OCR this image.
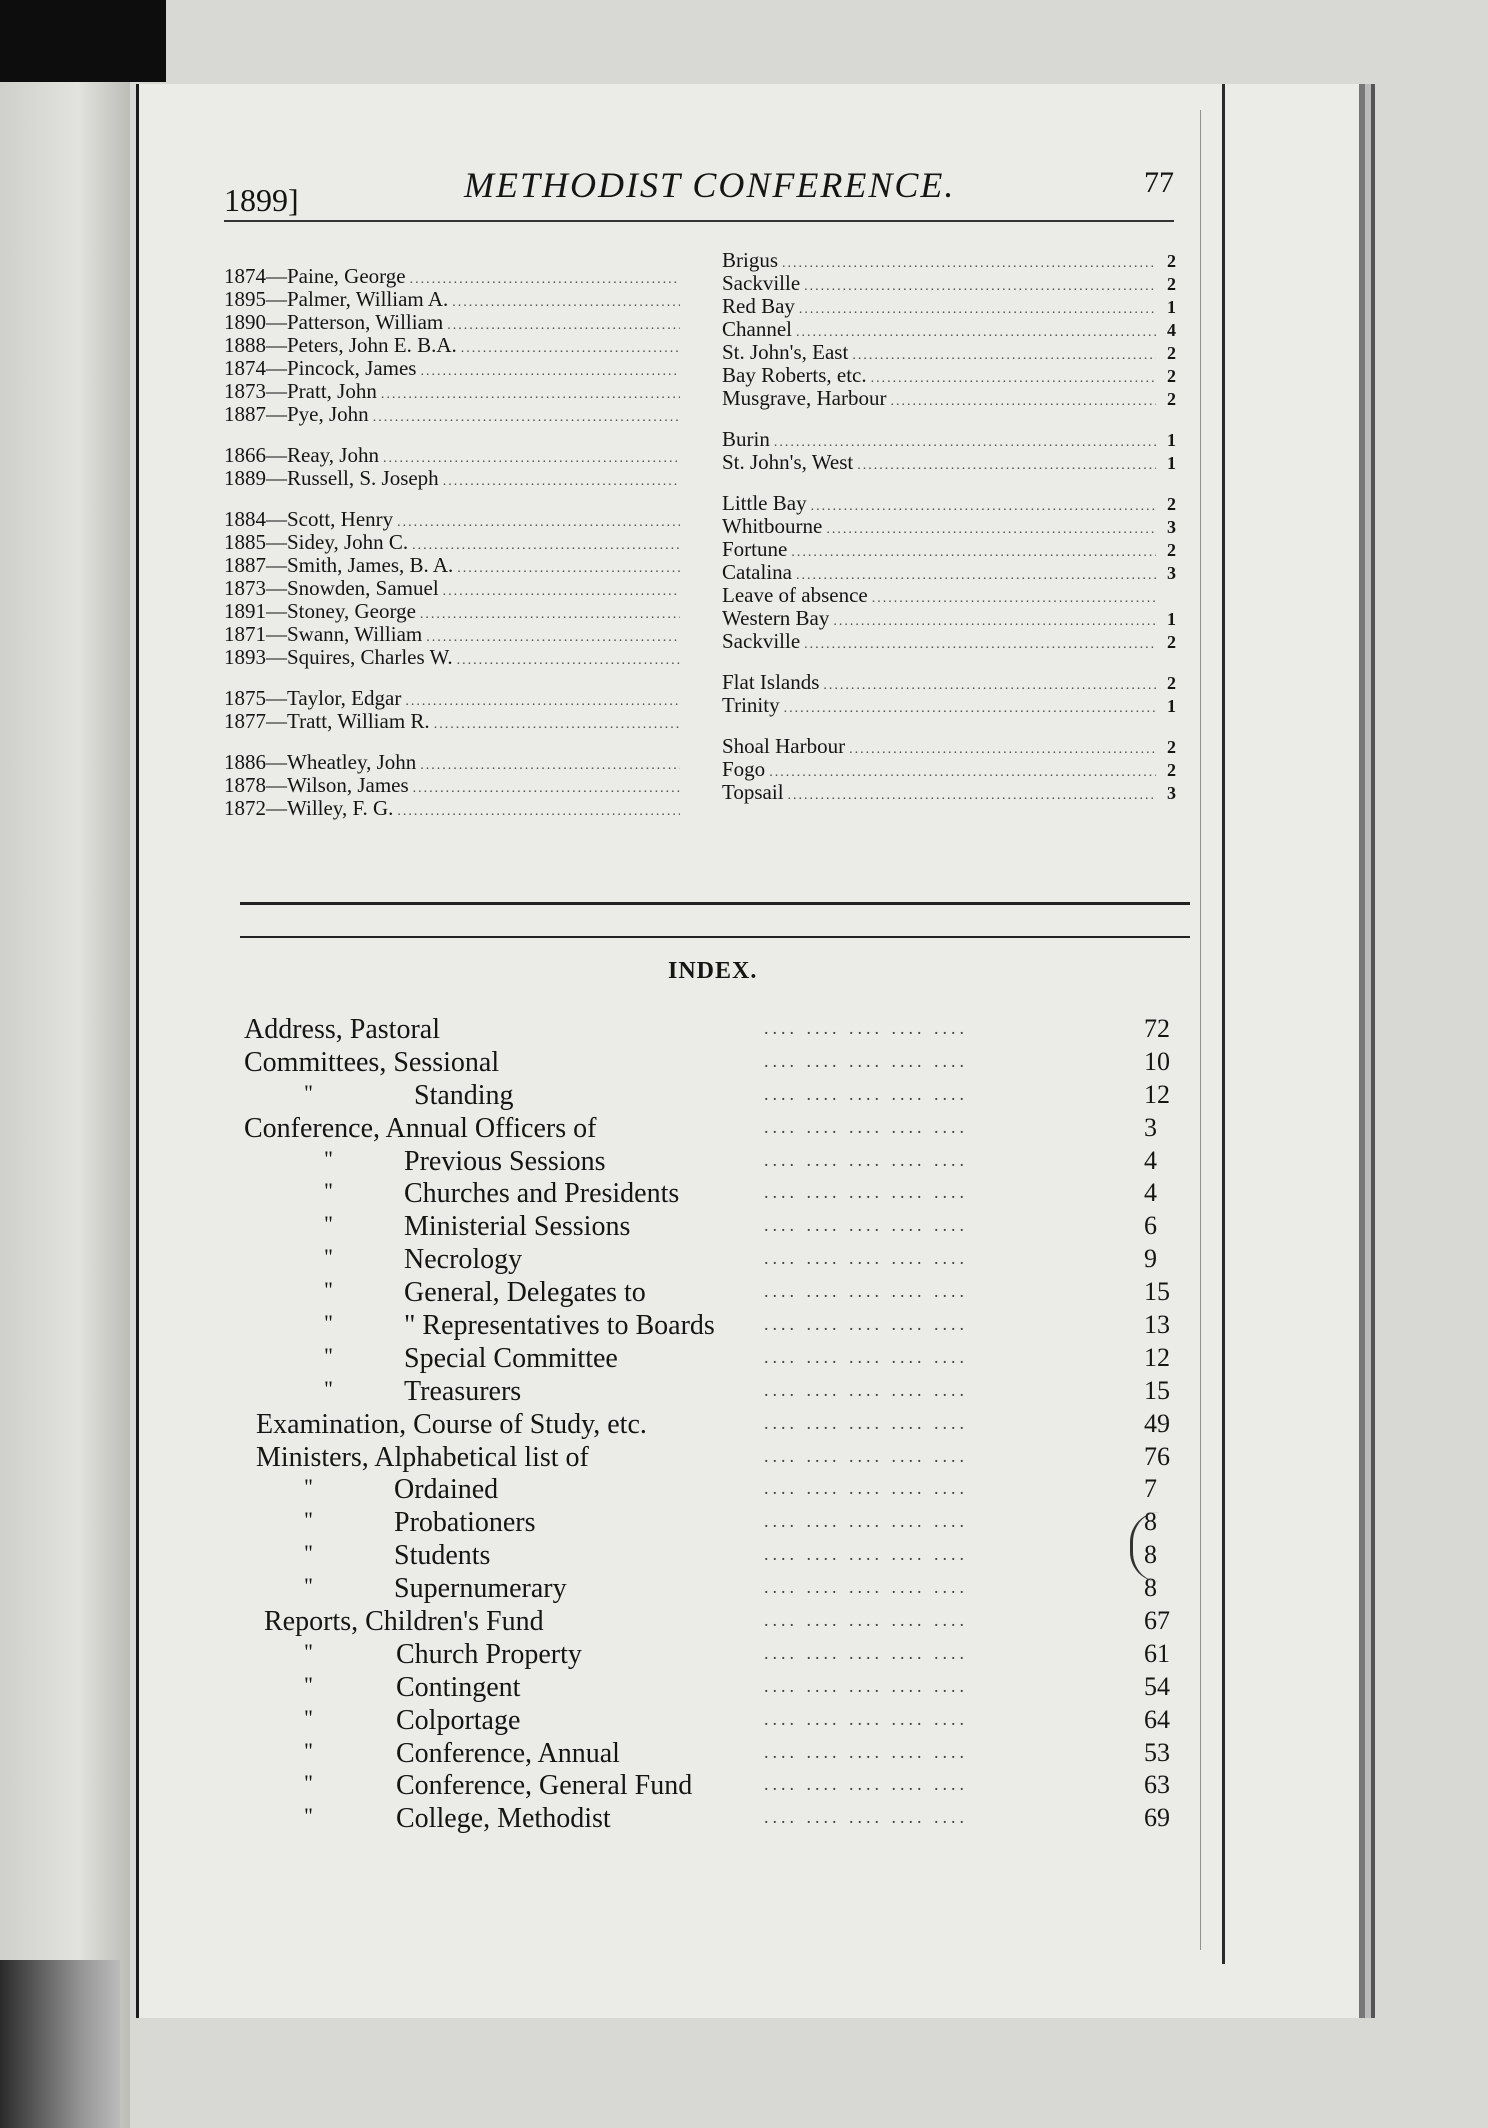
1899]	METHODIST CONFERENCE.	77
1874—Paine, George
.....
1895—Palmer, William A.
.....
1890—Patterson, William
.....
1888—Peters, John E. B.A.
.....
1874—Pincock, James
.....
1873—Pratt, John
.....
1887—Pye, John
.....
1866—Reay, John
.....
1889—Russell, S. Joseph
.....
1884—Scott, Henry
.....
1885—Sidey, John C.
.....
1887—Smith, James, B. A.
.....
1873—Snowden, Samuel
.....
1891—Stoney, George
.....
1871—Swann, William
.....
1893—Squires, Charles W.
.....
1875—Taylor, Edgar
.....
1877—Tratt, William R.
.....
1886—Wheatley, John
.....
1878—Wilson, James
.....
1872—Willey, F. G.
.....
Brigus .....	2
Sackville .....	2
Red Bay .....	1
Channel .....	4
St. John's, East .....	2
Bay Roberts, etc. .....	2
Musgrave, Harbour .....	2
Burin .....	1
St. John's, West .....	1
Little Bay .....	2
Whitbourne .....	3
Fortune .....	2
Catalina .....	3
Leave of absence
.....
Western Bay .....	1
Sackville .....	2
Flat Islands .....	2
Trinity .....	1
Shoal Harbour .....	2
Fogo .....	2
Topsail .....	3
INDEX.
Address, Pastoral	.... .... .... .... ....	72
Committees, Sessional	.... .... .... .... ....	10
"	Standing	.... .... .... .... ....	12
Conference, Annual Officers of	.... .... .... .... ....	3
"	Previous Sessions	.... .... .... .... ....	4
"	Churches and Presidents	.... .... .... .... ....	4
"	Ministerial Sessions	.... .... .... .... ....	6
"	Necrology	.... .... .... .... ....	9
"	General, Delegates to	.... .... .... .... ....	15
"	" Representatives to Boards	.... .... .... .... ....	13
"	Special Committee	.... .... .... .... ....	12
"	Treasurers	.... .... .... .... ....	15
Examination, Course of Study, etc.	.... .... .... .... ....	49
Ministers, Alphabetical list of	.... .... .... .... ....	76
"	Ordained	.... .... .... .... ....	7
"	Probationers	.... .... .... .... ....	8
"	Students	.... .... .... .... ....	8
"	Supernumerary	.... .... .... .... ....	8
Reports, Children's Fund	.... .... .... .... ....	67
"	Church Property	.... .... .... .... ....	61
"	Contingent	.... .... .... .... ....	54
"	Colportage	.... .... .... .... ....	64
"	Conference, Annual	.... .... .... .... ....	53
"	Conference, General Fund	.... .... .... .... ....	63
"	College, Methodist	.... .... .... .... ....	69
